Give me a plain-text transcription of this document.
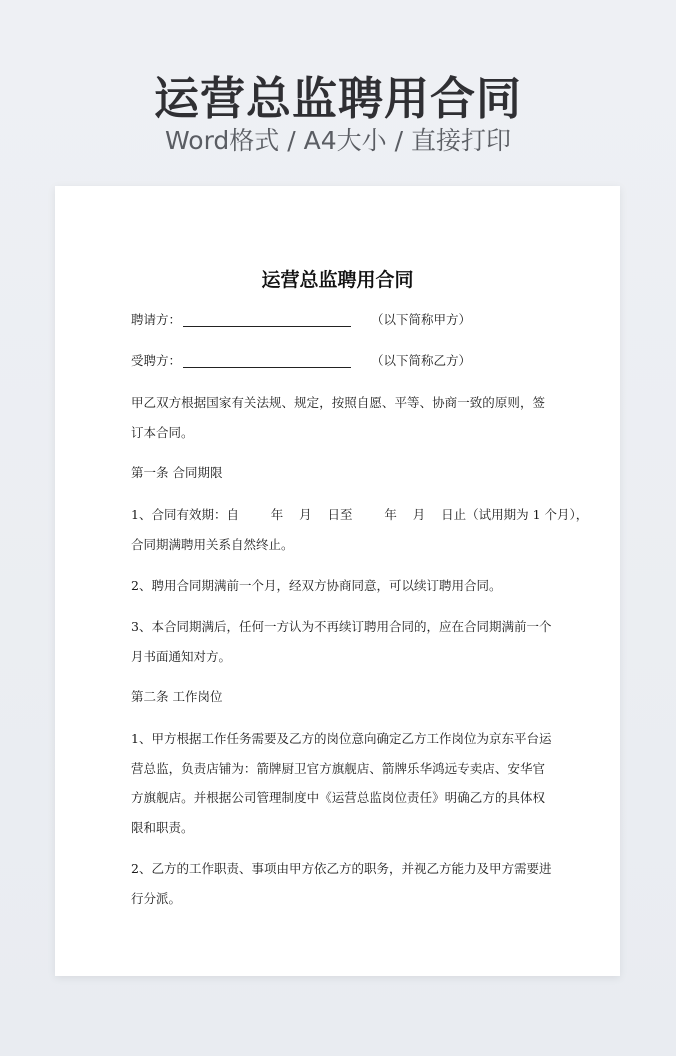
运营总监聘用合同
Word格式 / A4大小 / 直接打印
运营总监聘用合同
聘请方：	（以下简称甲方）
受聘方：	（以下简称乙方）
甲乙双方根据国家有关法规、规定，按照自愿、平等、协商一致的原则，签
订本合同。
第一条 合同期限
1、合同有效期：自        年    月    日至        年    月    日止（试用期为 1 个月），
合同期满聘用关系自然终止。
2、聘用合同期满前一个月，经双方协商同意，可以续订聘用合同。
3、本合同期满后，任何一方认为不再续订聘用合同的，应在合同期满前一个
月书面通知对方。
第二条 工作岗位
1、甲方根据工作任务需要及乙方的岗位意向确定乙方工作岗位为京东平台运
营总监，负责店铺为：箭牌厨卫官方旗舰店、箭牌乐华鸿远专卖店、安华官
方旗舰店。并根据公司管理制度中《运营总监岗位责任》明确乙方的具体权
限和职责。
2、乙方的工作职责、事项由甲方依乙方的职务，并视乙方能力及甲方需要进
行分派。
